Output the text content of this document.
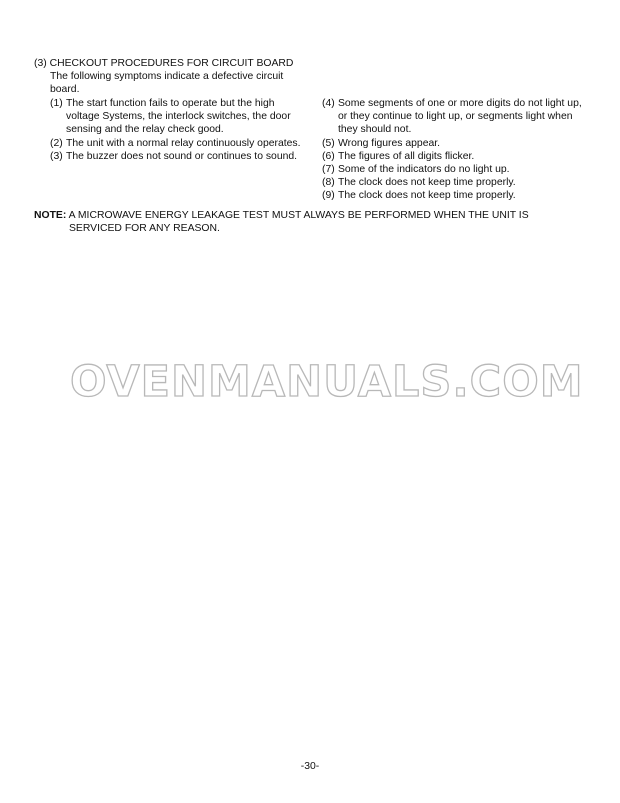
(3) CHECKOUT PROCEDURES FOR CIRCUIT BOARD
The following symptoms indicate a defective circuit board.
(1) The start function fails to operate but the high voltage Systems, the interlock switches, the door sensing and the relay check good.
(2) The unit with a normal relay continuously operates.
(3) The buzzer does not sound or continues to sound.
(4) Some segments of one or more digits do not light up, or they continue to light up, or segments light when they should not.
(5) Wrong figures appear.
(6) The figures of all digits flicker.
(7) Some of the indicators do no light up.
(8) The clock does not keep time properly.
(9) The clock does not keep time properly.
NOTE: A MICROWAVE ENERGY LEAKAGE TEST MUST ALWAYS BE PERFORMED WHEN THE UNIT IS
SERVICED FOR ANY REASON.
OVENMANUALS.COM
-30-
